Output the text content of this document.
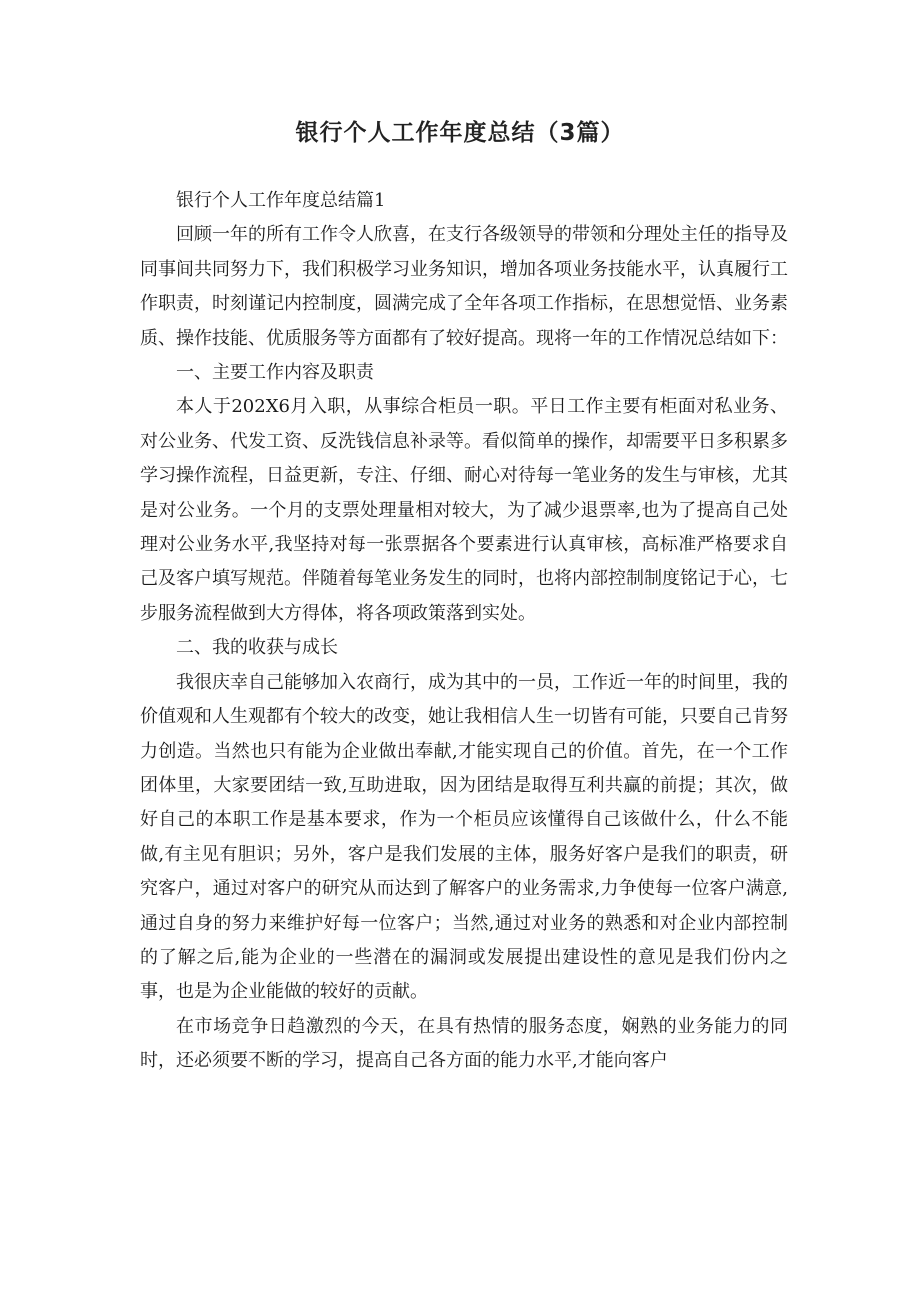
银行个人工作年度总结（3篇）

银行个人工作年度总结篇1

回顾一年的所有工作令人欣喜，在支行各级领导的带领和分理处主任的指导及同事间共同努力下，我们积极学习业务知识，增加各项业务技能水平，认真履行工作职责，时刻谨记内控制度，圆满完成了全年各项工作指标，在思想觉悟、业务素质、操作技能、优质服务等方面都有了较好提高。现将一年的工作情况总结如下：

一、主要工作内容及职责

本人于202X6月入职，从事综合柜员一职。平日工作主要有柜面对私业务、对公业务、代发工资、反洗钱信息补录等。看似简单的操作，却需要平日多积累多学习操作流程，日益更新，专注、仔细、耐心对待每一笔业务的发生与审核，尤其是对公业务。一个月的支票处理量相对较大，为了减少退票率,也为了提高自己处理对公业务水平,我坚持对每一张票据各个要素进行认真审核，高标准严格要求自己及客户填写规范。伴随着每笔业务发生的同时，也将内部控制制度铭记于心，七步服务流程做到大方得体，将各项政策落到实处。

二、我的收获与成长

我很庆幸自己能够加入农商行，成为其中的一员，工作近一年的时间里，我的价值观和人生观都有个较大的改变，她让我相信人生一切皆有可能，只要自己肯努力创造。当然也只有能为企业做出奉献,才能实现自己的价值。首先，在一个工作团体里，大家要团结一致,互助进取，因为团结是取得互利共赢的前提；其次，做好自己的本职工作是基本要求，作为一个柜员应该懂得自己该做什么，什么不能做,有主见有胆识；另外，客户是我们发展的主体，服务好客户是我们的职责，研究客户，通过对客户的研究从而达到了解客户的业务需求,力争使每一位客户满意,通过自身的努力来维护好每一位客户；当然,通过对业务的熟悉和对企业内部控制的了解之后,能为企业的一些潜在的漏洞或发展提出建设性的意见是我们份内之事，也是为企业能做的较好的贡献。

在市场竞争日趋激烈的今天，在具有热情的服务态度，娴熟的业务能力的同时，还必须要不断的学习，提高自己各方面的能力水平,才能向客户
